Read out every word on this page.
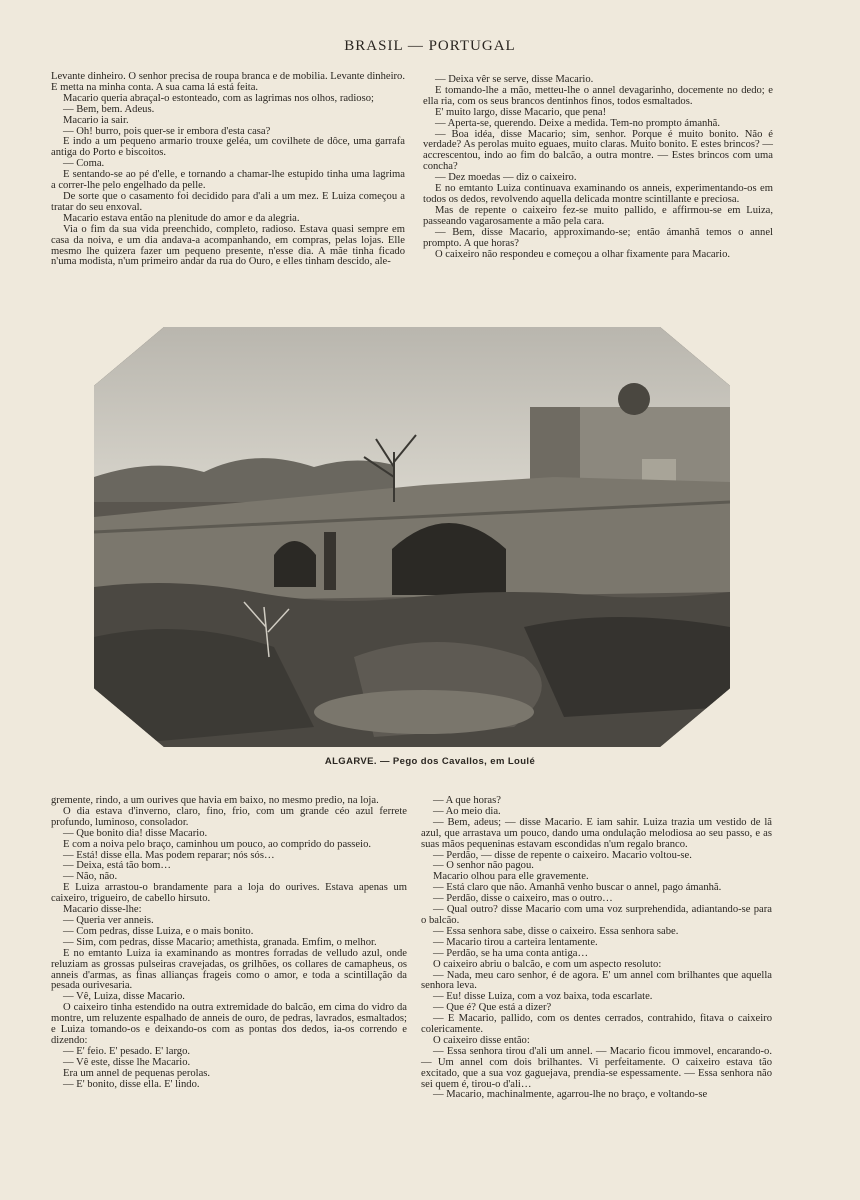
BRASIL — PORTUGAL

Levante dinheiro. O senhor precisa de roupa branca e de mobilia. Levante dinheiro. E metta na minha conta. A sua cama lá está feita.

Macario queria abraçal-o estonteado, com as lagrimas nos olhos, radioso;

— Bem, bem. Adeus.

Macario ia sair.

— Oh! burro, pois quer-se ir embora d'esta casa?

E indo a um pequeno armario trouxe geléa, um covilhete de dôce, uma garrafa antiga do Porto e biscoitos.

— Coma.

E sentando-se ao pé d'elle, e tornando a chamar-lhe estupido tinha uma lagrima a correr-lhe pelo engelhado da pelle.

De sorte que o casamento foi decidido para d'ali a um mez. E Luiza começou a tratar do seu enxoval.

Macario estava então na plenitude do amor e da alegria.

Via o fim da sua vida preenchido, completo, radioso. Estava quasi sempre em casa da noiva, e um dia andava-a acompanhando, em compras, pelas lojas. Elle mesmo lhe quizera fazer um pequeno presente, n'esse dia. A mãe tinha ficado n'uma modista, n'um primeiro andar da rua do Ouro, e elles tinham descido, ale-

— Deixa vêr se serve, disse Macario.

E tomando-lhe a mão, metteu-lhe o annel devagarinho, docemente no dedo; e ella ria, com os seus brancos dentinhos finos, todos esmaltados.

E' muito largo, disse Macario, que pena!

— Aperta-se, querendo. Deixe a medida. Tem-no prompto ámanhã.

— Boa idéa, disse Macario; sim, senhor. Porque é muito bonito. Não é verdade? As perolas muito eguaes, muito claras. Muito bonito. E estes brincos? — accrescentou, indo ao fim do balcão, a outra montre. — Estes brincos com uma concha?

— Dez moedas — diz o caixeiro.

E no emtanto Luiza continuava examinando os anneis, experimentando-os em todos os dedos, revolvendo aquella delicada montre scintillante e preciosa.

Mas de repente o caixeiro fez-se muito pallido, e affirmou-se em Luiza, passeando vagarosamente a mão pela cara.

— Bem, disse Macario, approximando-se; então ámanhã temos o annel prompto. A que horas?

O caixeiro não respondeu e começou a olhar fixamente para Macario.

ALGARVE. — Pego dos Cavallos, em Loulé

gremente, rindo, a um ourives que havia em baixo, no mesmo predio, na loja.

O dia estava d'inverno, claro, fino, frio, com um grande céo azul ferrete profundo, luminoso, consolador.

— Que bonito dia! disse Macario.

E com a noiva pelo braço, caminhou um pouco, ao comprido do passeio.

— Está! disse ella. Mas podem reparar; nós sós…

— Deixa, está tão bom…

— Não, não.

E Luiza arrastou-o brandamente para a loja do ourives. Estava apenas um caixeiro, trigueiro, de cabello hirsuto.

Macario disse-lhe:

— Queria ver anneis.

— Com pedras, disse Luiza, e o mais bonito.

— Sim, com pedras, disse Macario; amethista, granada. Emfim, o melhor.

E no emtanto Luiza ia examinando as montres forradas de velludo azul, onde reluziam as grossas pulseiras cravejadas, os grilhões, os collares de camapheus, os anneis d'armas, as finas allianças frageis como o amor, e toda a scintillação da pesada ourivesaria.

— Vê, Luiza, disse Macario.

O caixeiro tinha estendido na outra extremidade do balcão, em cima do vidro da montre, um reluzente espalhado de anneis de ouro, de pedras, lavrados, esmaltados; e Luiza tomando-os e deixando-os com as pontas dos dedos, ia-os correndo e dizendo:

— E' feio. E' pesado. E' largo.

— Vê este, disse lhe Macario.

Era um annel de pequenas perolas.

— E' bonito, disse ella. E' lindo.

— A que horas?

— Ao meio dia.

— Bem, adeus; — disse Macario. E iam sahir. Luiza trazia um vestido de lã azul, que arrastava um pouco, dando uma ondulação melodiosa ao seu passo, e as suas mãos pequeninas estavam escondidas n'um regalo branco.

— Perdão, — disse de repente o caixeiro. Macario voltou-se.

— O senhor não pagou.

Macario olhou para elle gravemente.

— Está claro que não. Amanhã venho buscar o annel, pago ámanhã.

— Perdão, disse o caixeiro, mas o outro…

— Qual outro? disse Macario com uma voz surprehendida, adiantando-se para o balcão.

— Essa senhora sabe, disse o caixeiro. Essa senhora sabe.

— Macario tirou a carteira lentamente.

— Perdão, se ha uma conta antiga…

O caixeiro abriu o balcão, e com um aspecto resoluto:

— Nada, meu caro senhor, é de agora. E' um annel com brilhantes que aquella senhora leva.

— Eu! disse Luiza, com a voz baixa, toda escarlate.

— Que é? Que está a dizer?

— E Macario, pallido, com os dentes cerrados, contrahido, fitava o caixeiro colericamente.

O caixeiro disse então:

— Essa senhora tirou d'ali um annel. — Macario ficou immovel, encarando-o. — Um annel com dois brilhantes. Vi perfeitamente. O caixeiro estava tão excitado, que a sua voz gaguejava, prendia-se espessamente. — Essa senhora não sei quem é, tirou-o d'ali…

— Macario, machinalmente, agarrou-lhe no braço, e voltando-se
